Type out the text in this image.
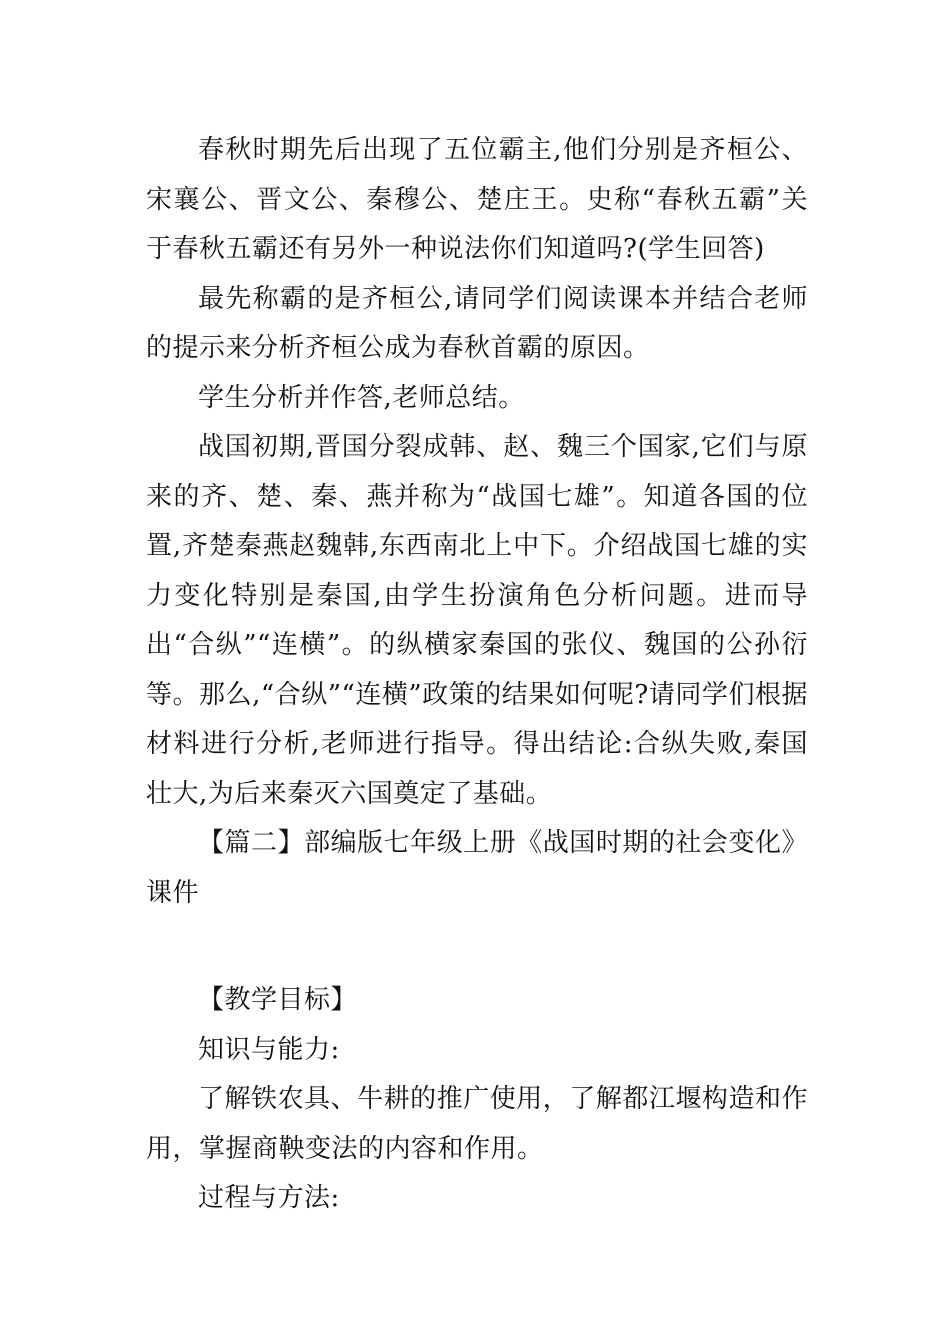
春秋时期先后出现了五位霸主,他们分别是齐桓公、宋襄公、晋文公、秦穆公、楚庄王。史称“春秋五霸”关于春秋五霸还有另外一种说法你们知道吗?(学生回答)

最先称霸的是齐桓公,请同学们阅读课本并结合老师的提示来分析齐桓公成为春秋首霸的原因。

学生分析并作答,老师总结。

战国初期,晋国分裂成韩、赵、魏三个国家,它们与原来的齐、楚、秦、燕并称为“战国七雄”。知道各国的位置,齐楚秦燕赵魏韩,东西南北上中下。介绍战国七雄的实力变化特别是秦国,由学生扮演角色分析问题。进而导出“合纵”“连横”。的纵横家秦国的张仪、魏国的公孙衍等。那么,“合纵”“连横”政策的结果如何呢?请同学们根据材料进行分析,老师进行指导。得出结论:合纵失败,秦国壮大,为后来秦灭六国奠定了基础。

【篇二】部编版七年级上册《战国时期的社会变化》课件

【教学目标】

知识与能力:

了解铁农具、牛耕的推广使用，了解都江堰构造和作用，掌握商鞅变法的内容和作用。

过程与方法:
